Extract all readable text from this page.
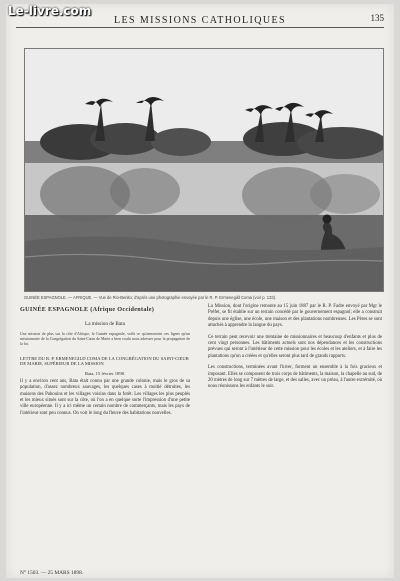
Le-livre.com
LES MISSIONS CATHOLIQUES	135
GUINÉE ESPAGNOLE. — AFRIQUE. — Vue de Rio-Benito; d'après une photographie envoyée par le R. P. Ermenegild Coma (voir p. 133).
GUINÉE ESPAGNOLE (Afrique Occidentale)
La mission de Bata

Une mission de plus sur la côte d'Afrique, la Guinée espagnole, voilà ce qu'annoncent ces lignes qu'un missionnaire de la Congrégation du Saint-Cœur de Marie a bien voulu nous adresser pour la propagation de la foi.

LETTRE DU R. P. ERMENEGILD COMA DE LA CONGRÉGATION DU SAINT-CŒUR DE MARIE, SUPÉRIEUR DE LA MISSION
Bata, 15 février 1898.

Il y a environ cent ans, Bata était connu par une grande colonie, mais le gros de sa population, d'assez nombreux sauvages, les quelques cases à moitié détruites, les maisons des Pahouins et les villages voisins dans la forêt. Les villages les plus peuplés et les mieux situés sont sur la côte, où l'on a en quelque sorte l'impression d'une petite ville européenne. Il y a ici même un certain nombre de commerçants, mais les pays de l'intérieur sont peu connus. On voit le long du fleuve des habitations nouvelles.

La Mission, dont l'origine remonte au 15 juin 1887 par le R. P. Fadre envoyé par Mgr le Préfet, se fit établie sur un terrain concédé par le gouvernement espagnol; elle a construit depuis une église, une école, une maison et des plantations nombreuses. Les Pères se sont attachés à apprendre la langue du pays.

Ce terrain peut recevoir une trentaine de missionnaires et beaucoup d'enfants et plus de cent vingt personnes. Les bâtiments actuels sont nos dépendances et les constructions prévues qui seront à l'intérieur de cette mission pour les écoles et les ateliers, et à faire les plantations qu'on a créées et qu'elles seront plus tard de grands rapports.

Les constructions, terminées avant l'hiver, forment un ensemble à la fois gracieux et imposant. Elles se composent de trois corps de bâtiments, la maison, la chapelle au sud, de 20 mètres de long sur 7 mètres de large, et des salles, avec un préau, à l'autre extrémité, où nous réunissons les enfants le soir.

N° 1503. — 25 MARS 1898.
